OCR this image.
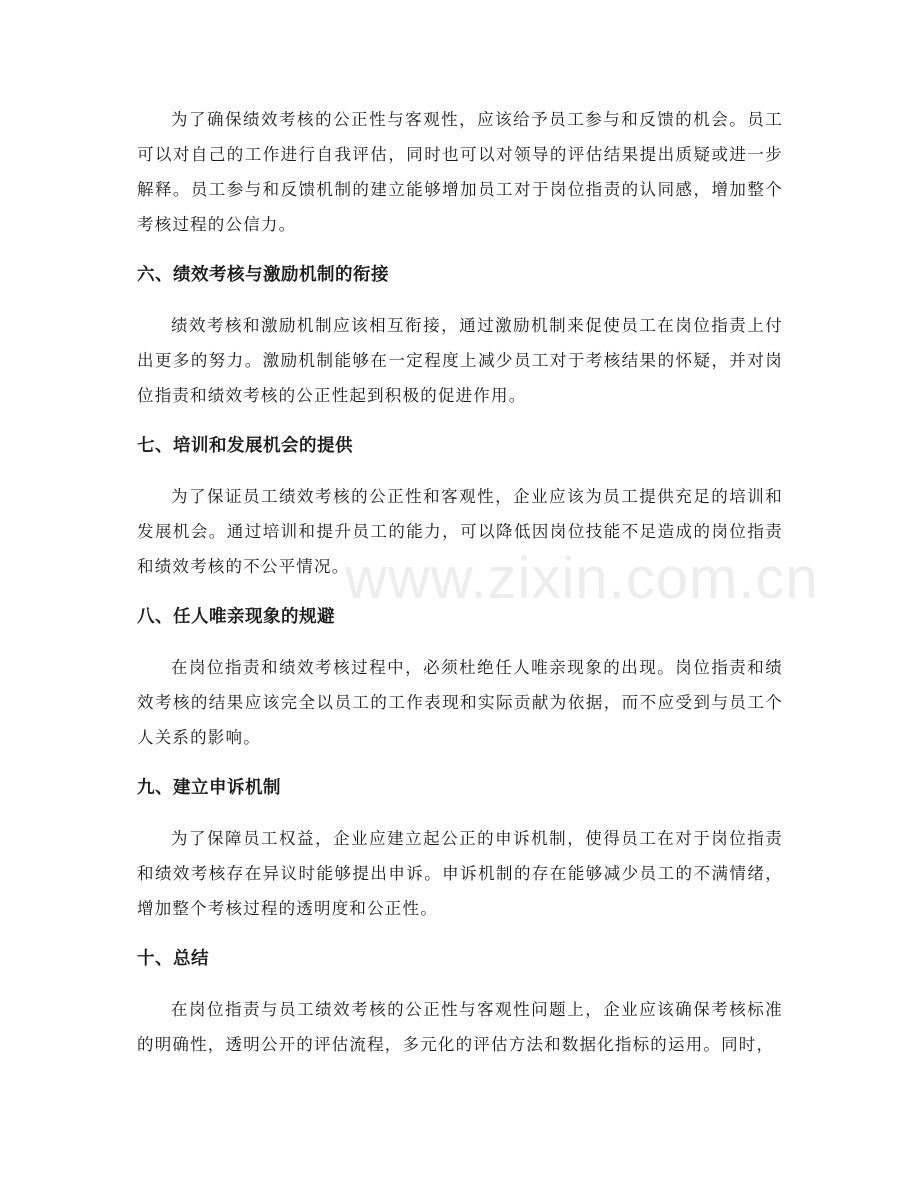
为了确保绩效考核的公正性与客观性，应该给予员工参与和反馈的机会。员工可以对自己的工作进行自我评估，同时也可以对领导的评估结果提出质疑或进一步解释。员工参与和反馈机制的建立能够增加员工对于岗位指责的认同感，增加整个考核过程的公信力。

六、绩效考核与激励机制的衔接

绩效考核和激励机制应该相互衔接，通过激励机制来促使员工在岗位指责上付出更多的努力。激励机制能够在一定程度上减少员工对于考核结果的怀疑，并对岗位指责和绩效考核的公正性起到积极的促进作用。

七、培训和发展机会的提供

为了保证员工绩效考核的公正性和客观性，企业应该为员工提供充足的培训和发展机会。通过培训和提升员工的能力，可以降低因岗位技能不足造成的岗位指责和绩效考核的不公平情况。

八、任人唯亲现象的规避

在岗位指责和绩效考核过程中，必须杜绝任人唯亲现象的出现。岗位指责和绩效考核的结果应该完全以员工的工作表现和实际贡献为依据，而不应受到与员工个人关系的影响。

九、建立申诉机制

为了保障员工权益，企业应建立起公正的申诉机制，使得员工在对于岗位指责和绩效考核存在异议时能够提出申诉。申诉机制的存在能够减少员工的不满情绪，增加整个考核过程的透明度和公正性。

十、总结

在岗位指责与员工绩效考核的公正性与客观性问题上，企业应该确保考核标准的明确性，透明公开的评估流程，多元化的评估方法和数据化指标的运用。同时，

www.zixin.com.cn
